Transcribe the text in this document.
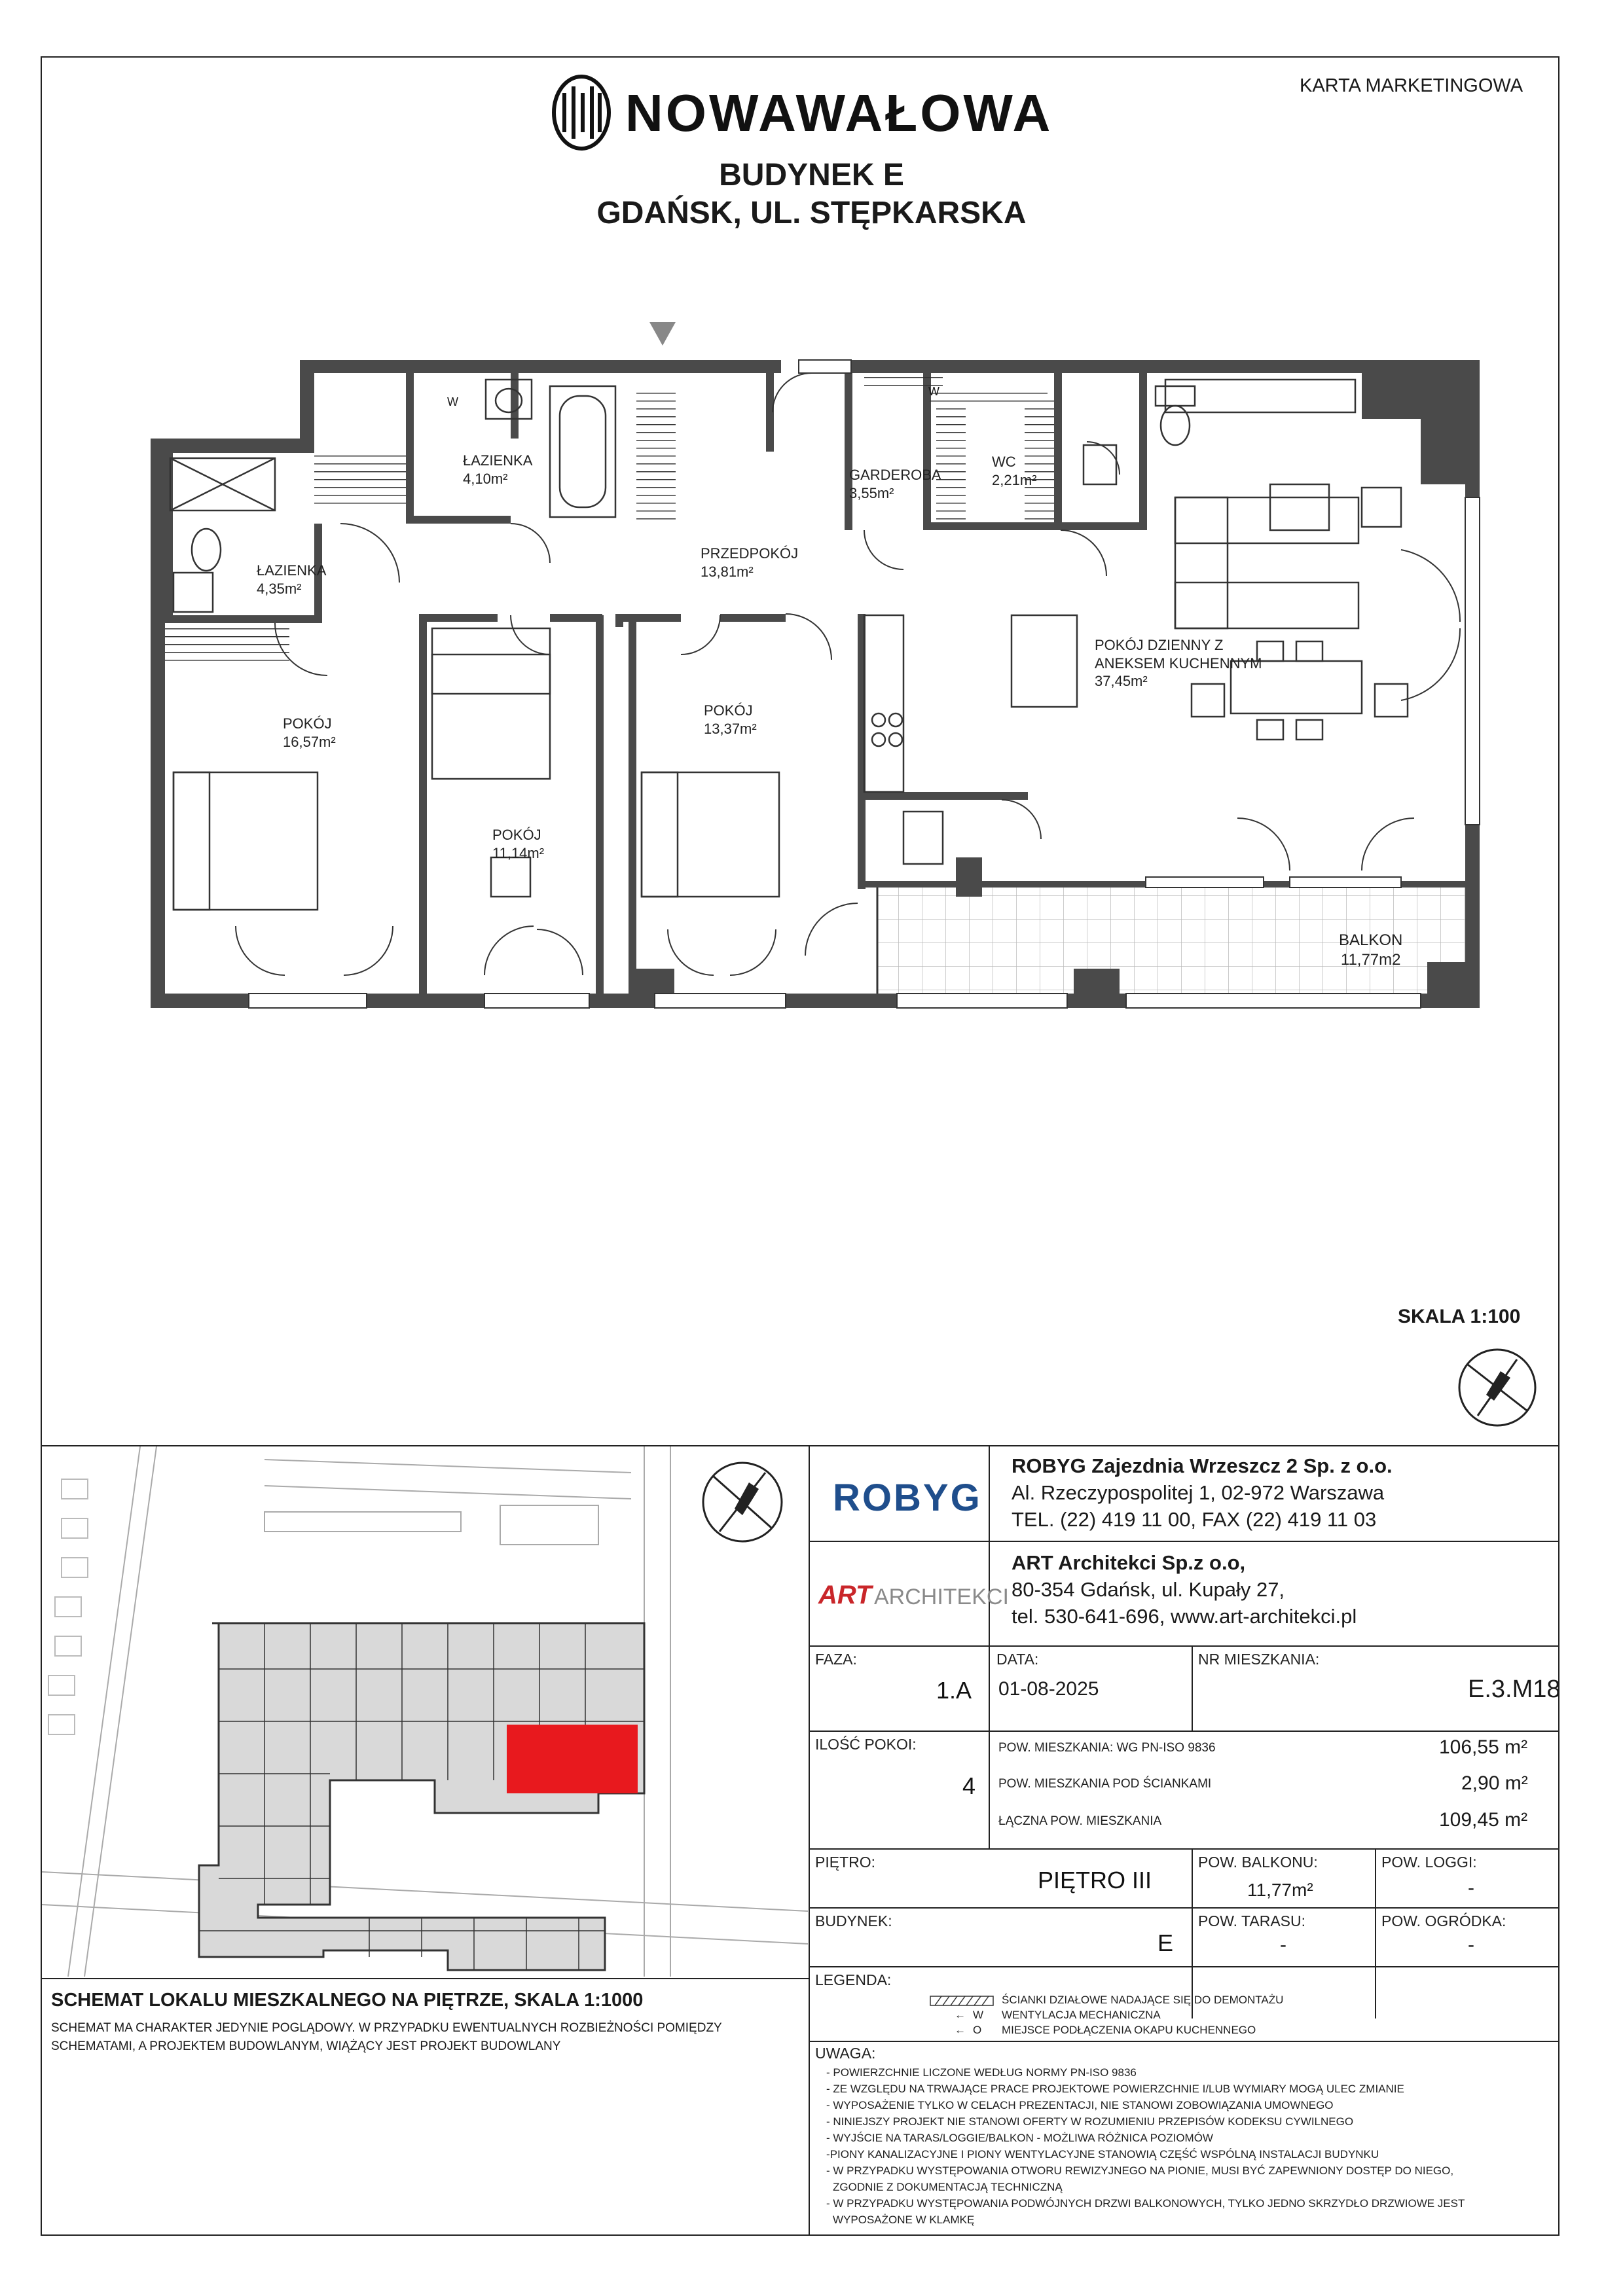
KARTA MARKETINGOWA
NOWAWAŁOWA
BUDYNEK E
GDAŃSK, UL. STĘPKARSKA
ŁAZIENKA
4,10m²
ŁAZIENKA
4,35m²
GARDEROBA
3,55m²
WC
2,21m²
PRZEDPOKÓJ
13,81m²
POKÓJ
16,57m²
POKÓJ
11,14m²
POKÓJ
13,37m²
POKÓJ DZIENNY Z
ANEKSEM KUCHENNYM
37,45m²
BALKON
11,77m2
W
W
SKALA 1:100
SCHEMAT LOKALU MIESZKALNEGO NA PIĘTRZE, SKALA 1:1000
SCHEMAT MA CHARAKTER JEDYNIE POGLĄDOWY. W PRZYPADKU EWENTUALNYCH ROZBIEŻNOŚCI POMIĘDZY
SCHEMATAMI, A PROJEKTEM BUDOWLANYM, WIĄŻĄCY JEST PROJEKT BUDOWLANY
ROBYG
ROBYG Zajezdnia Wrzeszcz 2 Sp. z o.o.
Al. Rzeczypospolitej 1, 02-972 Warszawa
TEL. (22) 419 11 00, FAX (22) 419 11 03
ART ARCHITEKCI
ART Architekci Sp.z o.o,
80-354 Gdańsk, ul. Kupały 27,
tel. 530-641-696, www.art-architekci.pl
FAZA:
1.A
DATA:
01-08-2025
NR MIESZKANIA:
E.3.M18
ILOŚĆ POKOI:
4
POW. MIESZKANIA: WG PN-ISO 9836	106,55 m²
POW. MIESZKANIA POD ŚCIANKAMI	2,90 m²
ŁĄCZNA POW. MIESZKANIA	109,45 m²
PIĘTRO:
PIĘTRO III
POW. BALKONU:
11,77m²
POW. LOGGI:
-
BUDYNEK:
E
POW. TARASU:
-
POW. OGRÓDKA:
-
LEGENDA:
ŚCIANKI DZIAŁOWE NADAJĄCE SIĘ DO DEMONTAŻU
← W WENTYLACJA MECHANICZNA
← O MIEJSCE PODŁĄCZENIA OKAPU KUCHENNEGO
UWAGA:
- POWIERZCHNIE LICZONE WEDŁUG NORMY PN-ISO 9836
- ZE WZGLĘDU NA TRWAJĄCE PRACE PROJEKTOWE POWIERZCHNIE I/LUB WYMIARY MOGĄ ULEC ZMIANIE
- WYPOSAŻENIE TYLKO W CELACH PREZENTACJI, NIE STANOWI ZOBOWIĄZANIA UMOWNEGO
- NINIEJSZY PROJEKT NIE STANOWI OFERTY W ROZUMIENIU PRZEPISÓW KODEKSU CYWILNEGO
- WYJŚCIE NA TARAS/LOGGIE/BALKON - MOŻLIWA RÓŻNICA POZIOMÓW
-PIONY KANALIZACYJNE I PIONY WENTYLACYJNE STANOWIĄ CZĘŚĆ WSPÓLNĄ INSTALACJI BUDYNKU
- W PRZYPADKU WYSTĘPOWANIA OTWORU REWIZYJNEGO NA PIONIE, MUSI BYĆ ZAPEWNIONY DOSTĘP DO NIEGO,
ZGODNIE Z DOKUMENTACJĄ TECHNICZNĄ
- W PRZYPADKU WYSTĘPOWANIA PODWÓJNYCH DRZWI BALKONOWYCH, TYLKO JEDNO SKRZYDŁO DRZWIOWE JEST
WYPOSAŻONE W KLAMKĘ
